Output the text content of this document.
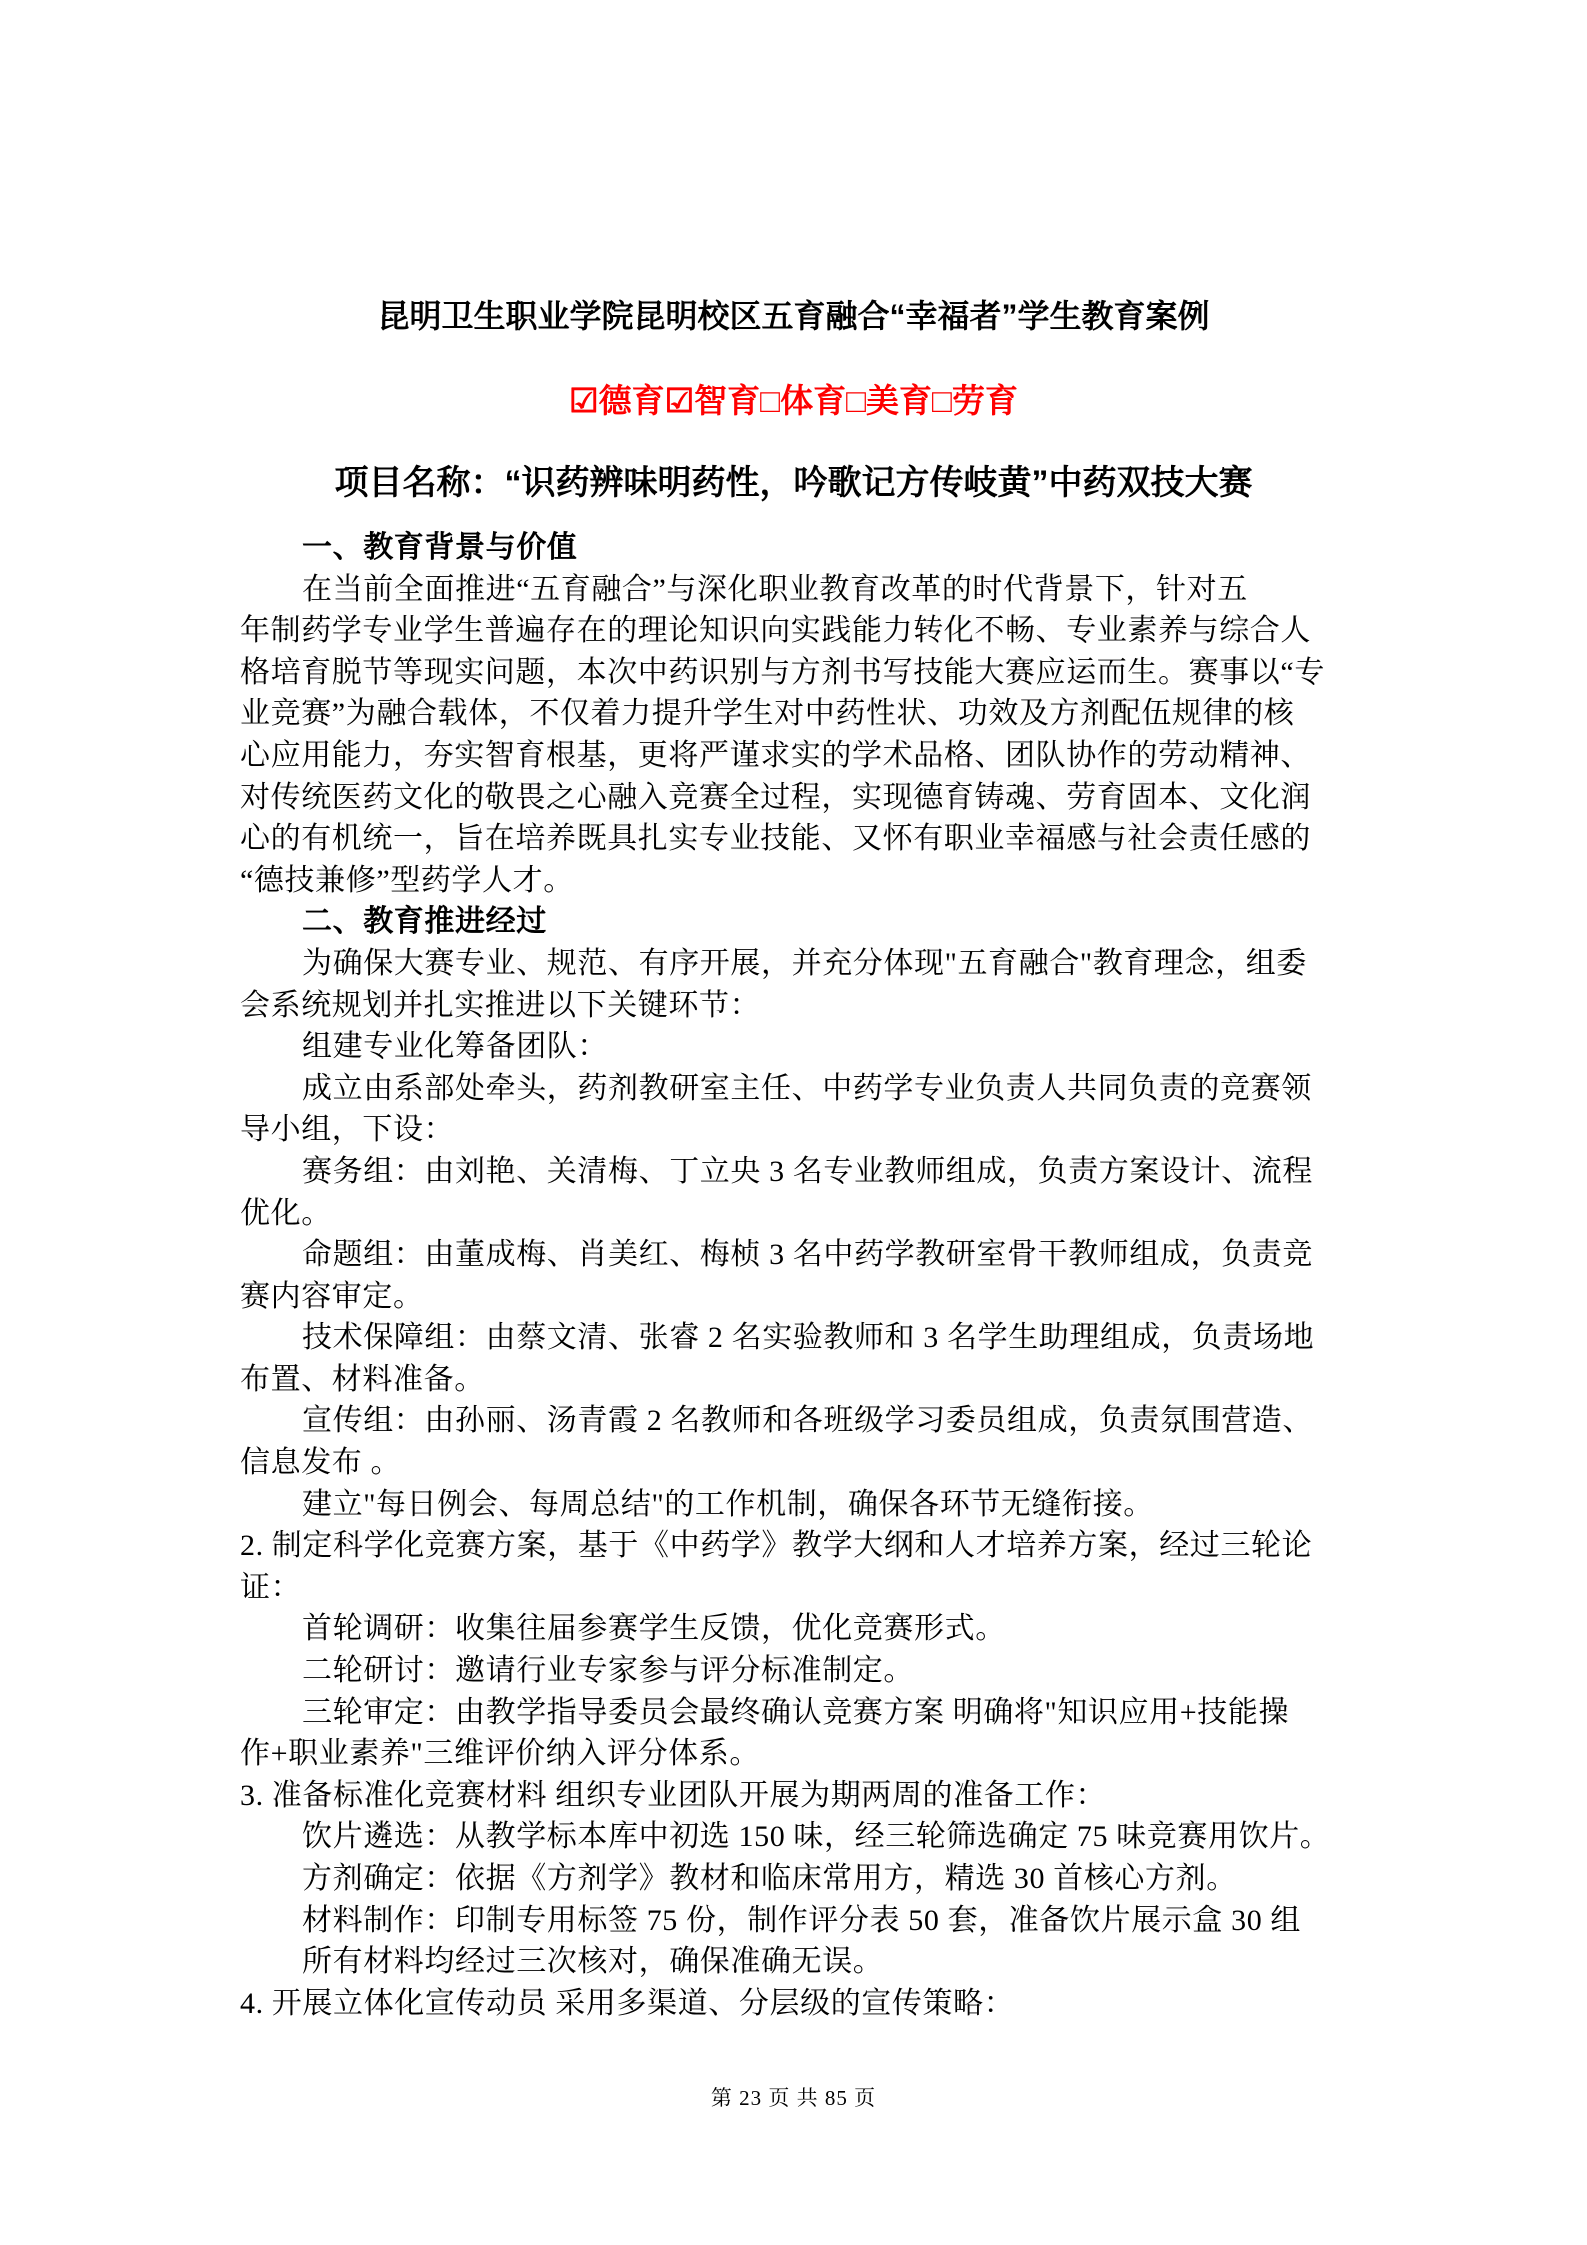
昆明卫生职业学院昆明校区五育融合“幸福者”学生教育案例
☑德育☑智育□体育□美育□劳育
项目名称：“识药辨味明药性，吟歌记方传岐黄”中药双技大赛
一、教育背景与价值
在当前全面推进“五育融合”与深化职业教育改革的时代背景下，针对五
年制药学专业学生普遍存在的理论知识向实践能力转化不畅、专业素养与综合人
格培育脱节等现实问题，本次中药识别与方剂书写技能大赛应运而生。赛事以“专
业竞赛”为融合载体，不仅着力提升学生对中药性状、功效及方剂配伍规律的核
心应用能力，夯实智育根基，更将严谨求实的学术品格、团队协作的劳动精神、
对传统医药文化的敬畏之心融入竞赛全过程，实现德育铸魂、劳育固本、文化润
心的有机统一，旨在培养既具扎实专业技能、又怀有职业幸福感与社会责任感的
“德技兼修”型药学人才。
二、教育推进经过
为确保大赛专业、规范、有序开展，并充分体现"五育融合"教育理念，组委
会系统规划并扎实推进以下关键环节：
组建专业化筹备团队：
成立由系部处牵头，药剂教研室主任、中药学专业负责人共同负责的竞赛领
导小组，下设：
赛务组：由刘艳、关清梅、丁立央 3 名专业教师组成，负责方案设计、流程
优化。
命题组：由董成梅、肖美红、梅桢 3 名中药学教研室骨干教师组成，负责竞
赛内容审定。
技术保障组：由蔡文清、张睿 2 名实验教师和 3 名学生助理组成，负责场地
布置、材料准备。
宣传组：由孙丽、汤青霞 2 名教师和各班级学习委员组成，负责氛围营造、
信息发布 。
建立"每日例会、每周总结"的工作机制，确保各环节无缝衔接。
2. 制定科学化竞赛方案，基于《中药学》教学大纲和人才培养方案，经过三轮论
证：
首轮调研：收集往届参赛学生反馈，优化竞赛形式。
二轮研讨：邀请行业专家参与评分标准制定。
三轮审定：由教学指导委员会最终确认竞赛方案 明确将"知识应用+技能操
作+职业素养"三维评价纳入评分体系。
3. 准备标准化竞赛材料 组织专业团队开展为期两周的准备工作：
饮片遴选：从教学标本库中初选 150 味，经三轮筛选确定 75 味竞赛用饮片。
方剂确定：依据《方剂学》教材和临床常用方，精选 30 首核心方剂。
材料制作：印制专用标签 75 份，制作评分表 50 套，准备饮片展示盒 30 组
所有材料均经过三次核对，确保准确无误。
4. 开展立体化宣传动员 采用多渠道、分层级的宣传策略：
第 23 页 共 85 页
